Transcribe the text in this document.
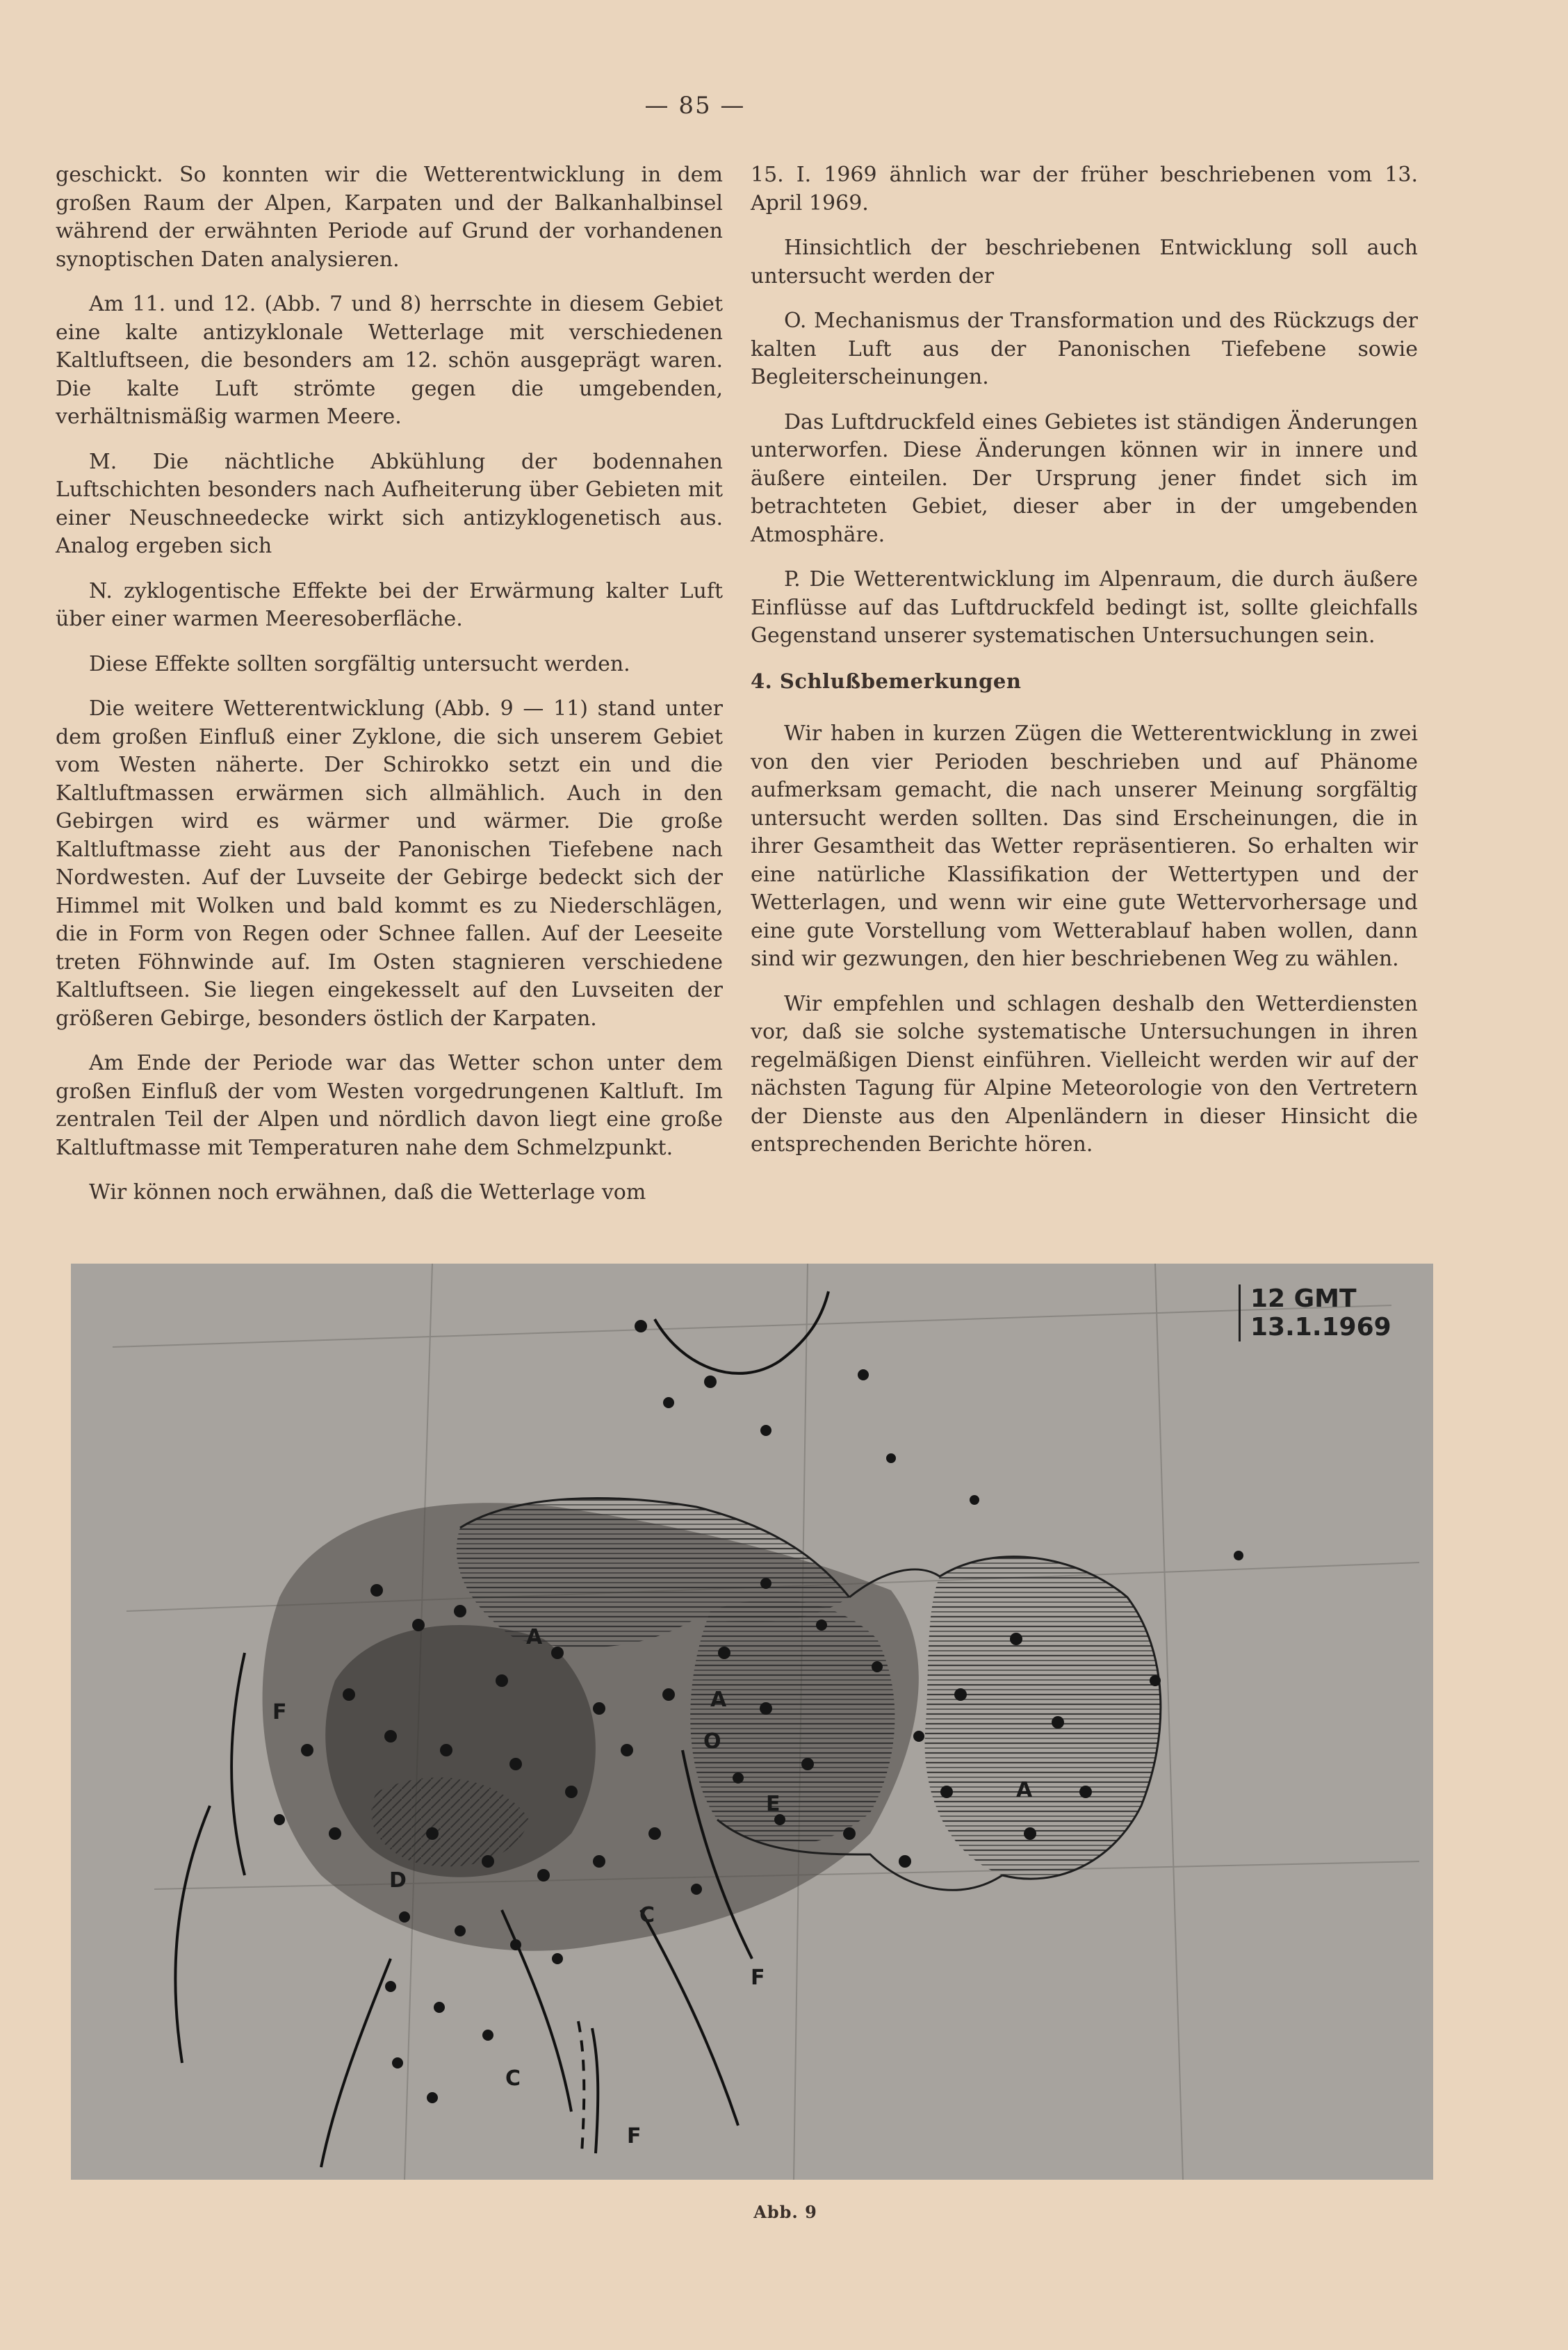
— 85 —

geschickt. So konnten wir die Wetterentwicklung in dem großen Raum der Alpen, Karpaten und der Balkanhalbinsel während der erwähnten Periode auf Grund der vorhandenen synoptischen Daten analysieren.

Am 11. und 12. (Abb. 7 und 8) herrschte in diesem Gebiet eine kalte antizyklonale Wetterlage mit verschiedenen Kaltluftseen, die besonders am 12. schön ausgeprägt waren. Die kalte Luft strömte gegen die umgebenden, verhältnismäßig warmen Meere.

M. Die nächtliche Abkühlung der bodennahen Luftschichten besonders nach Aufheiterung über Gebieten mit einer Neuschneedecke wirkt sich antizyklogenetisch aus. Analog ergeben sich

N. zyklogentische Effekte bei der Erwärmung kalter Luft über einer warmen Meeresoberfläche.

Diese Effekte sollten sorgfältig untersucht werden.

Die weitere Wetterentwicklung (Abb. 9 — 11) stand unter dem großen Einfluß einer Zyklone, die sich unserem Gebiet vom Westen näherte. Der Schirokko setzt ein und die Kaltluftmassen erwärmen sich allmählich. Auch in den Gebirgen wird es wärmer und wärmer. Die große Kaltluftmasse zieht aus der Panonischen Tiefebene nach Nordwesten. Auf der Luvseite der Gebirge bedeckt sich der Himmel mit Wolken und bald kommt es zu Niederschlägen, die in Form von Regen oder Schnee fallen. Auf der Leeseite treten Föhnwinde auf. Im Osten stagnieren verschiedene Kaltluftseen. Sie liegen eingekesselt auf den Luvseiten der größeren Gebirge, besonders östlich der Karpaten.

Am Ende der Periode war das Wetter schon unter dem großen Einfluß der vom Westen vorgedrungenen Kaltluft. Im zentralen Teil der Alpen und nördlich davon liegt eine große Kaltluftmasse mit Temperaturen nahe dem Schmelzpunkt.

Wir können noch erwähnen, daß die Wetterlage vom

15. I. 1969 ähnlich war der früher beschriebenen vom 13. April 1969.

Hinsichtlich der beschriebenen Entwicklung soll auch untersucht werden der

O. Mechanismus der Transformation und des Rückzugs der kalten Luft aus der Panonischen Tiefebene sowie Begleiterscheinungen.

Das Luftdruckfeld eines Gebietes ist ständigen Änderungen unterworfen. Diese Änderungen können wir in innere und äußere einteilen. Der Ursprung jener findet sich im betrachteten Gebiet, dieser aber in der umgebenden Atmosphäre.

P. Die Wetterentwicklung im Alpenraum, die durch äußere Einflüsse auf das Luftdruckfeld bedingt ist, sollte gleichfalls Gegenstand unserer systematischen Untersuchungen sein.

4. Schlußbemerkungen

Wir haben in kurzen Zügen die Wetterentwicklung in zwei von den vier Perioden beschrieben und auf Phänome aufmerksam gemacht, die nach unserer Meinung sorgfältig untersucht werden sollten. Das sind Erscheinungen, die in ihrer Gesamtheit das Wetter repräsentieren. So erhalten wir eine natürliche Klassifikation der Wettertypen und der Wetterlagen, und wenn wir eine gute Wettervorhersage und eine gute Vorstellung vom Wetterablauf haben wollen, dann sind wir gezwungen, den hier beschriebenen Weg zu wählen.

Wir empfehlen und schlagen deshalb den Wetterdiensten vor, daß sie solche systematische Untersuchungen in ihren regelmäßigen Dienst einführen. Vielleicht werden wir auf der nächsten Tagung für Alpine Meteorologie von den Vertretern der Dienste aus den Alpenländern in dieser Hinsicht die entsprechenden Berichte hören.

12 GMT 13.1.1969
A
A
O
E
A
D
C
C
F
F
F
Abb. 9
